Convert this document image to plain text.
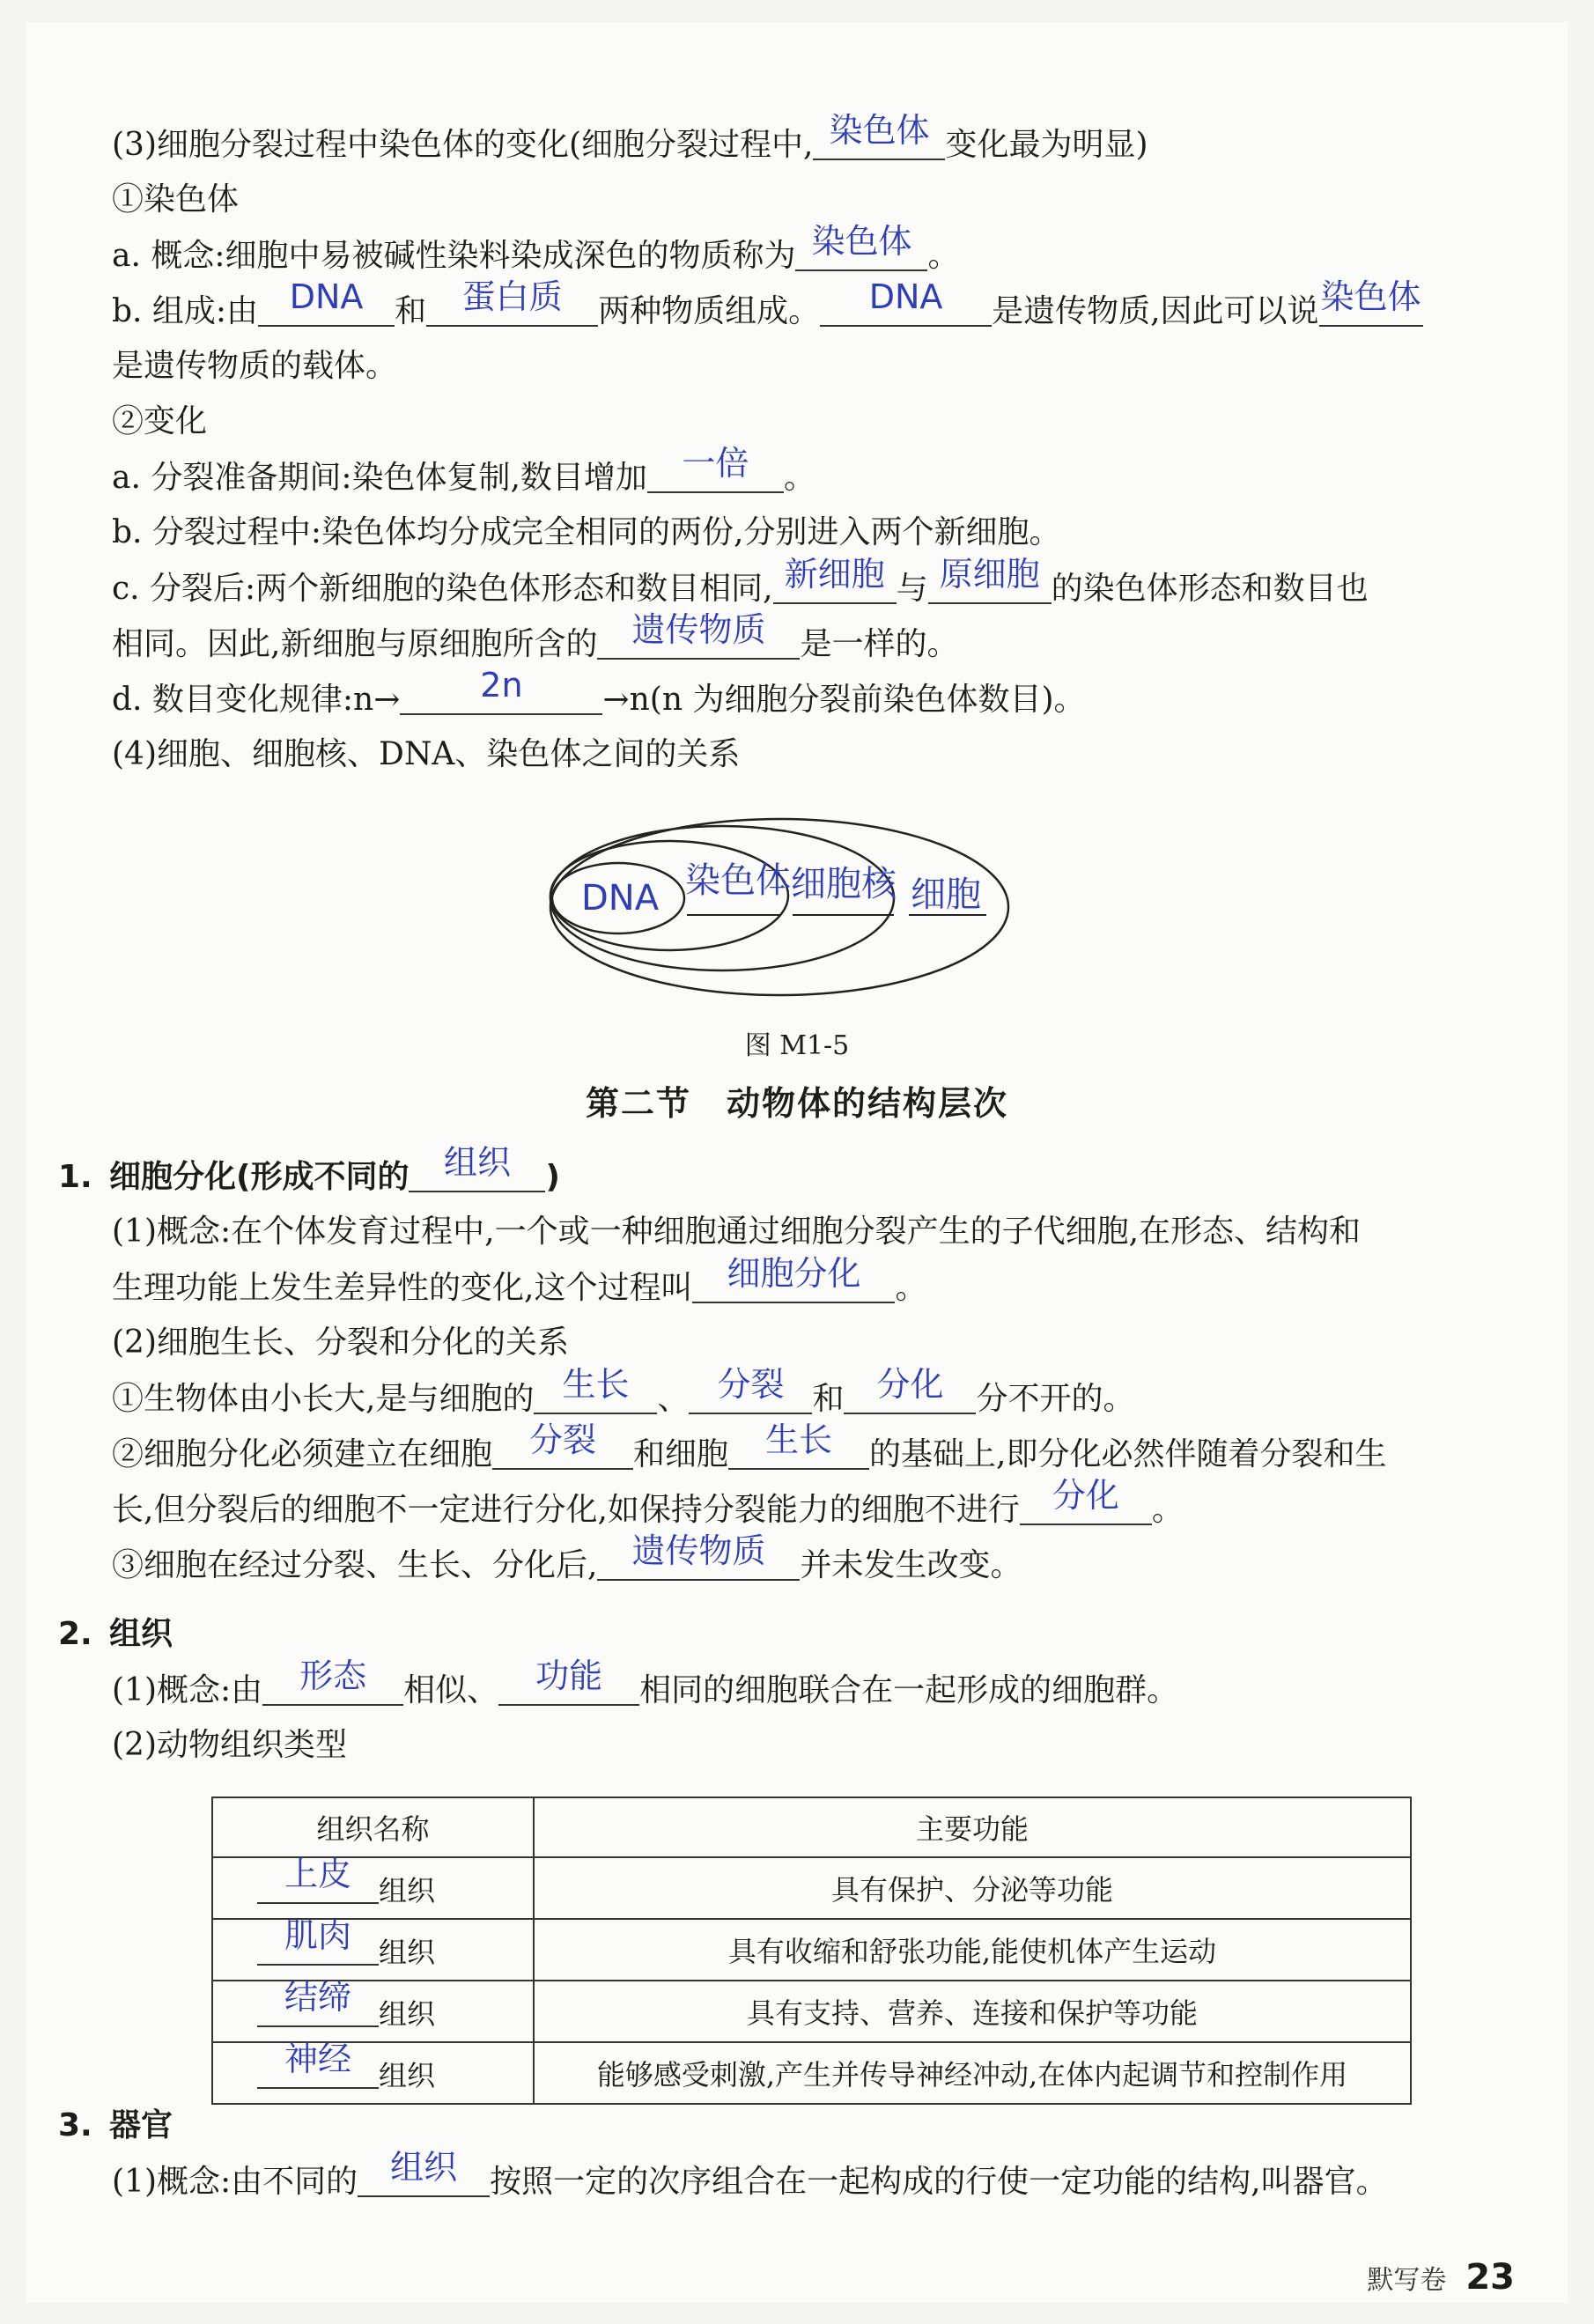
(3)细胞分裂过程中染色体的变化(细胞分裂过程中, 染色体 变化最为明显)
①染色体
a. 概念:细胞中易被碱性染料染成深色的物质称为 染色体 。
b. 组成:由 DNA 和	蛋白质	两种物质组成。	DNA	是遗传物质,因此可以说 染色体
是遗传物质的载体。
②变化
a. 分裂准备期间:染色体复制,数目增加	一倍	。
b. 分裂过程中:染色体均分成完全相同的两份,分别进入两个新细胞。
c. 分裂后:两个新细胞的染色体形态和数目相同, 新细胞 与 原细胞 的染色体形态和数目也
相同。因此,新细胞与原细胞所含的	遗传物质	是一样的。
d. 数目变化规律:n→	2n	→n(n 为细胞分裂前染色体数目)。
(4)细胞、细胞核、DNA、染色体之间的关系
DNA 染色体 细胞核 细胞
图 M1-5
第二节　动物体的结构层次
1. 细胞分化(形成不同的	组织	)
(1)概念:在个体发育过程中,一个或一种细胞通过细胞分裂产生的子代细胞,在形态、结构和
生理功能上发生差异性的变化,这个过程叫	细胞分化	。
(2)细胞生长、分裂和分化的关系
①生物体由小长大,是与细胞的 生长 、 分裂 和 分化	分不开的。
②细胞分化必须建立在细胞	分裂	和细胞	生长	的基础上,即分化必然伴随着分裂和生
长,但分裂后的细胞不一定进行分化,如保持分裂能力的细胞不进行 分化	。
③细胞在经过分裂、生长、分化后,	遗传物质	并未发生改变。
2. 组织
(1)概念:由	形态	相似、	功能	相同的细胞联合在一起形成的细胞群。
(2)动物组织类型
组织名称	主要功能

上皮 组织	具有保护、分泌等功能

肌肉 组织	具有收缩和舒张功能,能使机体产生运动

结缔 组织	具有支持、营养、连接和保护等功能

神经 组织	能够感受刺激,产生并传导神经冲动,在体内起调节和控制作用
3. 器官
(1)概念:由不同的 组织	按照一定的次序组合在一起构成的行使一定功能的结构,叫器官。
默写卷 23
